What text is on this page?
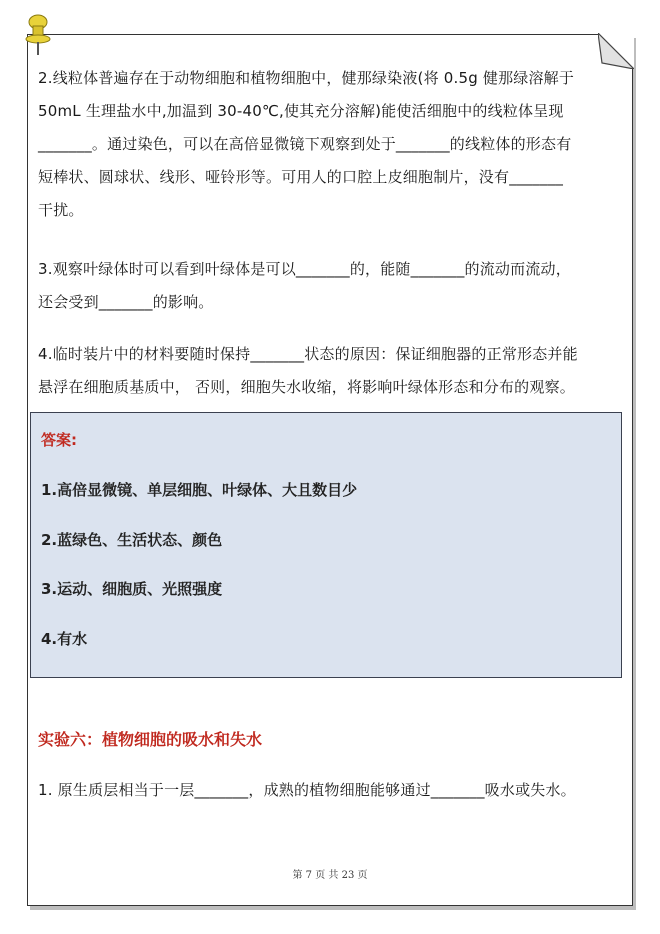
2.线粒体普遍存在于动物细胞和植物细胞中，健那绿染液(将 0.5g 健那绿溶解于
50mL 生理盐水中,加温到 30-40℃,使其充分溶解)能使活细胞中的线粒体呈现
_______。通过染色，可以在高倍显微镜下观察到处于_______的线粒体的形态有
短棒状、圆球状、线形、哑铃形等。可用人的口腔上皮细胞制片，没有_______
干扰。
3.观察叶绿体时可以看到叶绿体是可以_______的，能随_______的流动而流动，
还会受到_______的影响。
4.临时装片中的材料要随时保持_______状态的原因：保证细胞器的正常形态并能
悬浮在细胞质基质中， 否则，细胞失水收缩，将影响叶绿体形态和分布的观察。
答案:
1.高倍显微镜、单层细胞、叶绿体、大且数目少
2.蓝绿色、生活状态、颜色
3.运动、细胞质、光照强度
4.有水
实验六：植物细胞的吸水和失水
1. 原生质层相当于一层_______，成熟的植物细胞能够通过_______吸水或失水。
第 7 页 共 23 页
